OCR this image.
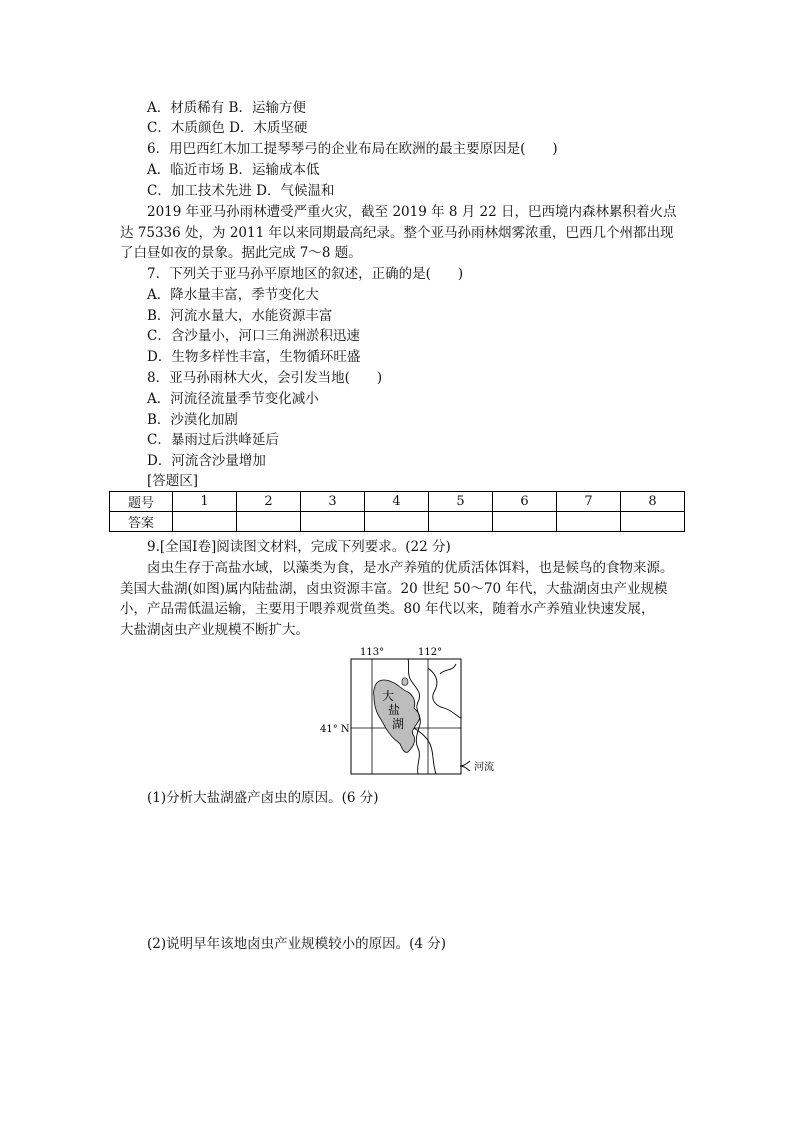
A．材质稀有 B．运输方便
C．木质颜色 D．木质坚硬
6．用巴西红木加工提琴琴弓的企业布局在欧洲的最主要原因是(　　)
A．临近市场 B．运输成本低
C．加工技术先进 D．气候温和
2019 年亚马孙雨林遭受严重火灾，截至 2019 年 8 月 22 日，巴西境内森林累积着火点
达 75336 处，为 2011 年以来同期最高纪录。整个亚马孙雨林烟雾浓重，巴西几个州都出现
了白昼如夜的景象。据此完成 7～8 题。
7．下列关于亚马孙平原地区的叙述，正确的是(　　)
A．降水量丰富，季节变化大
B．河流水量大，水能资源丰富
C．含沙量小，河口三角洲淤积迅速
D．生物多样性丰富，生物循环旺盛
8．亚马孙雨林大火，会引发当地(　　)
A．河流径流量季节变化减小
B．沙漠化加剧
C．暴雨过后洪峰延后
D．河流含沙量增加
[答题区]
题号	1	2	3	4	5	6	7	8
答案								
9.[全国Ⅰ卷]阅读图文材料，完成下列要求。(22 分)
卤虫生存于高盐水域，以藻类为食，是水产养殖的优质活体饵料，也是候鸟的食物来源。
美国大盐湖(如图)属内陆盐湖，卤虫资源丰富。20 世纪 50～70 年代，大盐湖卤虫产业规模
小，产品需低温运输，主要用于喂养观赏鱼类。80 年代以来，随着水产养殖业快速发展，
大盐湖卤虫产业规模不断扩大。
113°	112°
41° N
大
盐
湖
河流
(1)分析大盐湖盛产卤虫的原因。(6 分)
(2)说明早年该地卤虫产业规模较小的原因。(4 分)
